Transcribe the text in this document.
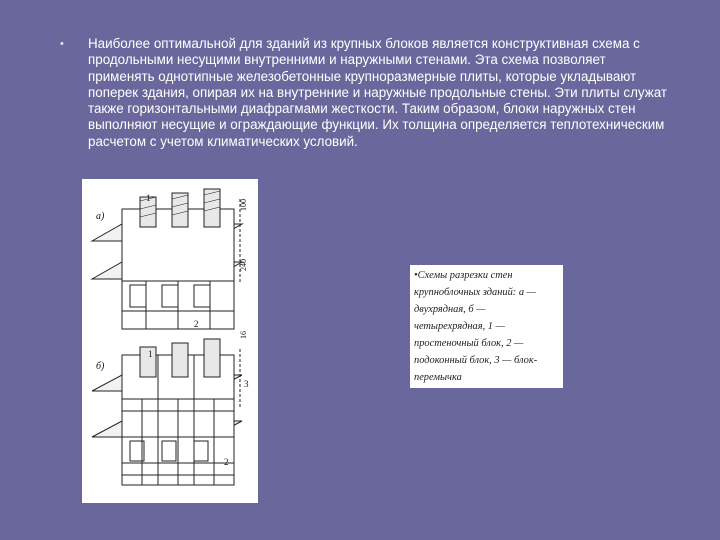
• Наиболее оптимальной для зданий из крупных блоков является конструктивная схема с продольными несущими внутренними и наружными стенами. Эта схема позволяет применять однотипные железобетонные крупноразмерные плиты, которые укладывают поперек здания, опирая их на внутренние и наружные продольные стены. Эти плиты служат также горизонтальными диафрагмами жесткости. Таким образом, блоки наружных стен выполняют несущие и ограждающие функции. Их толщина определяется теплотехническим расчетом с учетом климатических условий.

а)
1
2
100
240
б)
1
2
3
16

•Схемы разрезки стен крупноблочных зданий: а — двухрядная, б — четырехрядная, 1 — простеночный блок, 2 — подоконный блок, 3 — блок-перемычка
